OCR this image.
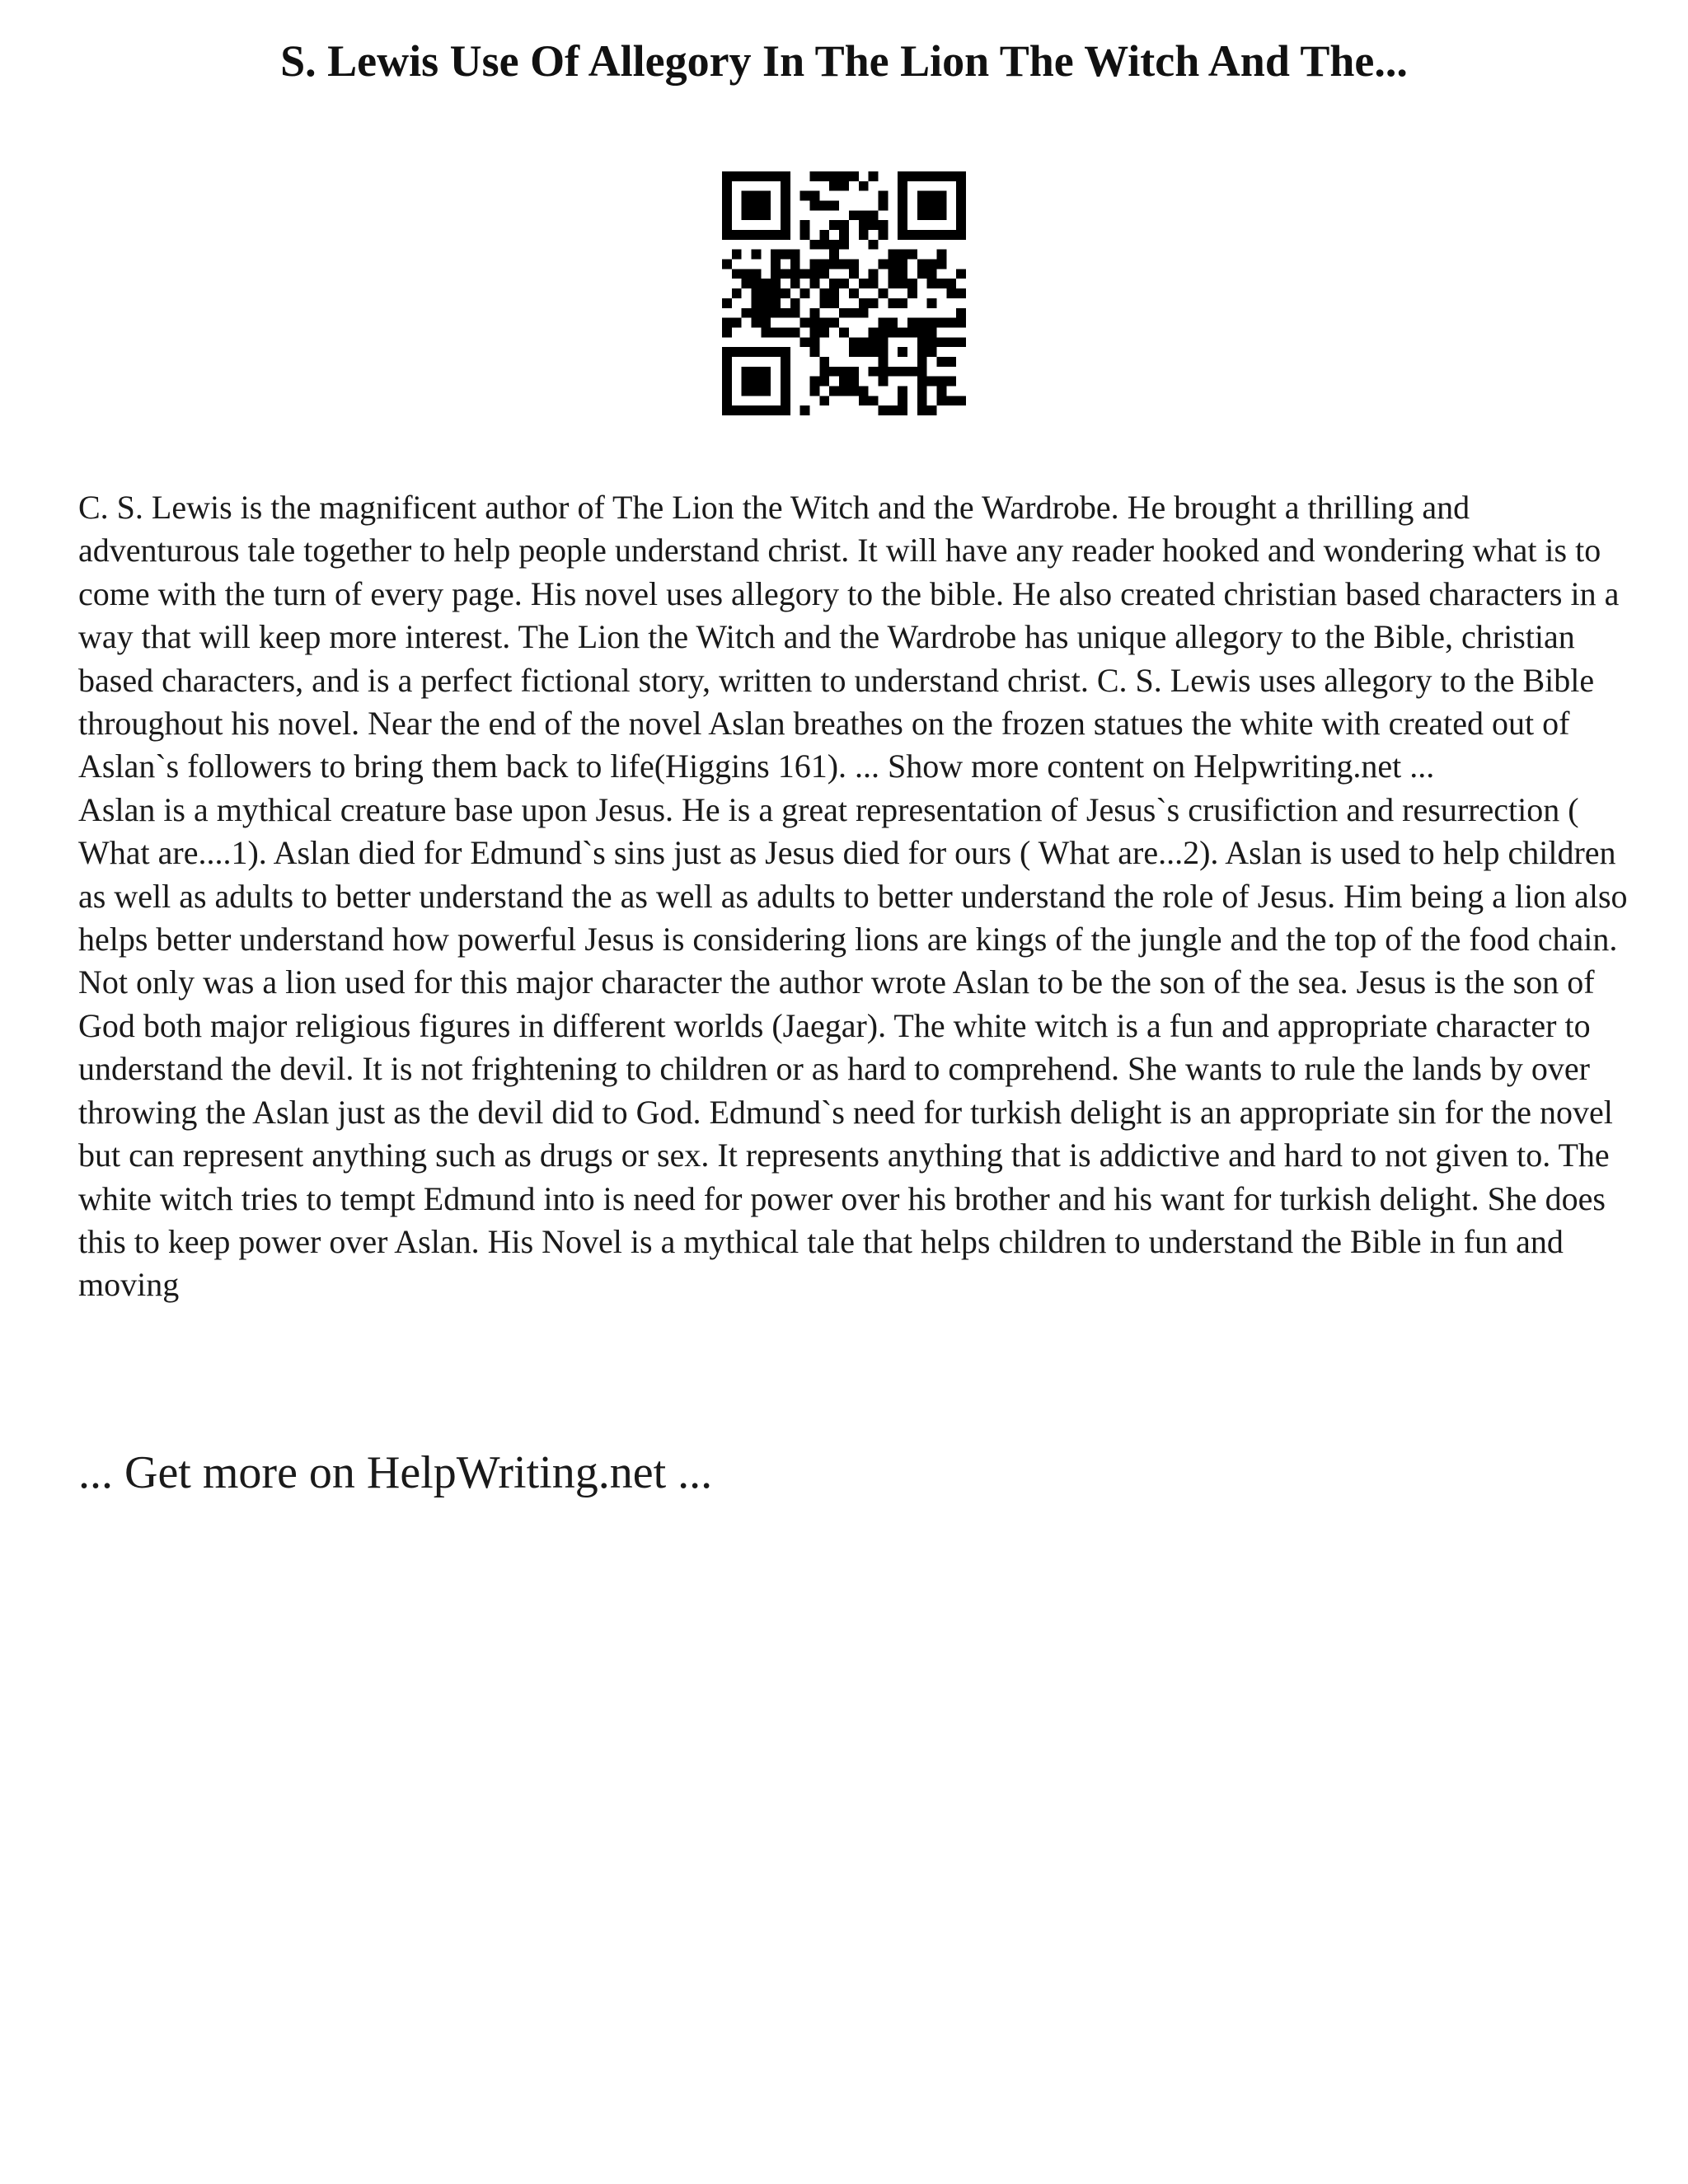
S. Lewis Use Of Allegory In The Lion The Witch And The...

C. S. Lewis is the magnificent author of The Lion the Witch and the Wardrobe. He brought a thrilling and adventurous tale together to help people understand christ. It will have any reader hooked and wondering what is to come with the turn of every page. His novel uses allegory to the bible. He also created christian based characters in a way that will keep more interest. The Lion the Witch and the Wardrobe has unique allegory to the Bible, christian based characters, and is a perfect fictional story, written to understand christ. C. S. Lewis uses allegory to the Bible throughout his novel. Near the end of the novel Aslan breathes on the frozen statues the white with created out of Aslan`s followers to bring them back to life(Higgins 161). ... Show more content on Helpwriting.net ...

Aslan is a mythical creature base upon Jesus. He is a great representation of Jesus`s crusifiction and resurrection ( What are....1). Aslan died for Edmund`s sins just as Jesus died for ours ( What are...2). Aslan is used to help children as well as adults to better understand the as well as adults to better understand the role of Jesus. Him being a lion also helps better understand how powerful Jesus is considering lions are kings of the jungle and the top of the food chain. Not only was a lion used for this major character the author wrote Aslan to be the son of the sea. Jesus is the son of God both major religious figures in different worlds (Jaegar). The white witch is a fun and appropriate character to understand the devil. It is not frightening to children or as hard to comprehend. She wants to rule the lands by over throwing the Aslan just as the devil did to God. Edmund`s need for turkish delight is an appropriate sin for the novel but can represent anything such as drugs or sex. It represents anything that is addictive and hard to not given to. The white witch tries to tempt Edmund into is need for power over his brother and his want for turkish delight. She does this to keep power over Aslan. His Novel is a mythical tale that helps children to understand the Bible in fun and moving

... Get more on HelpWriting.net ...
